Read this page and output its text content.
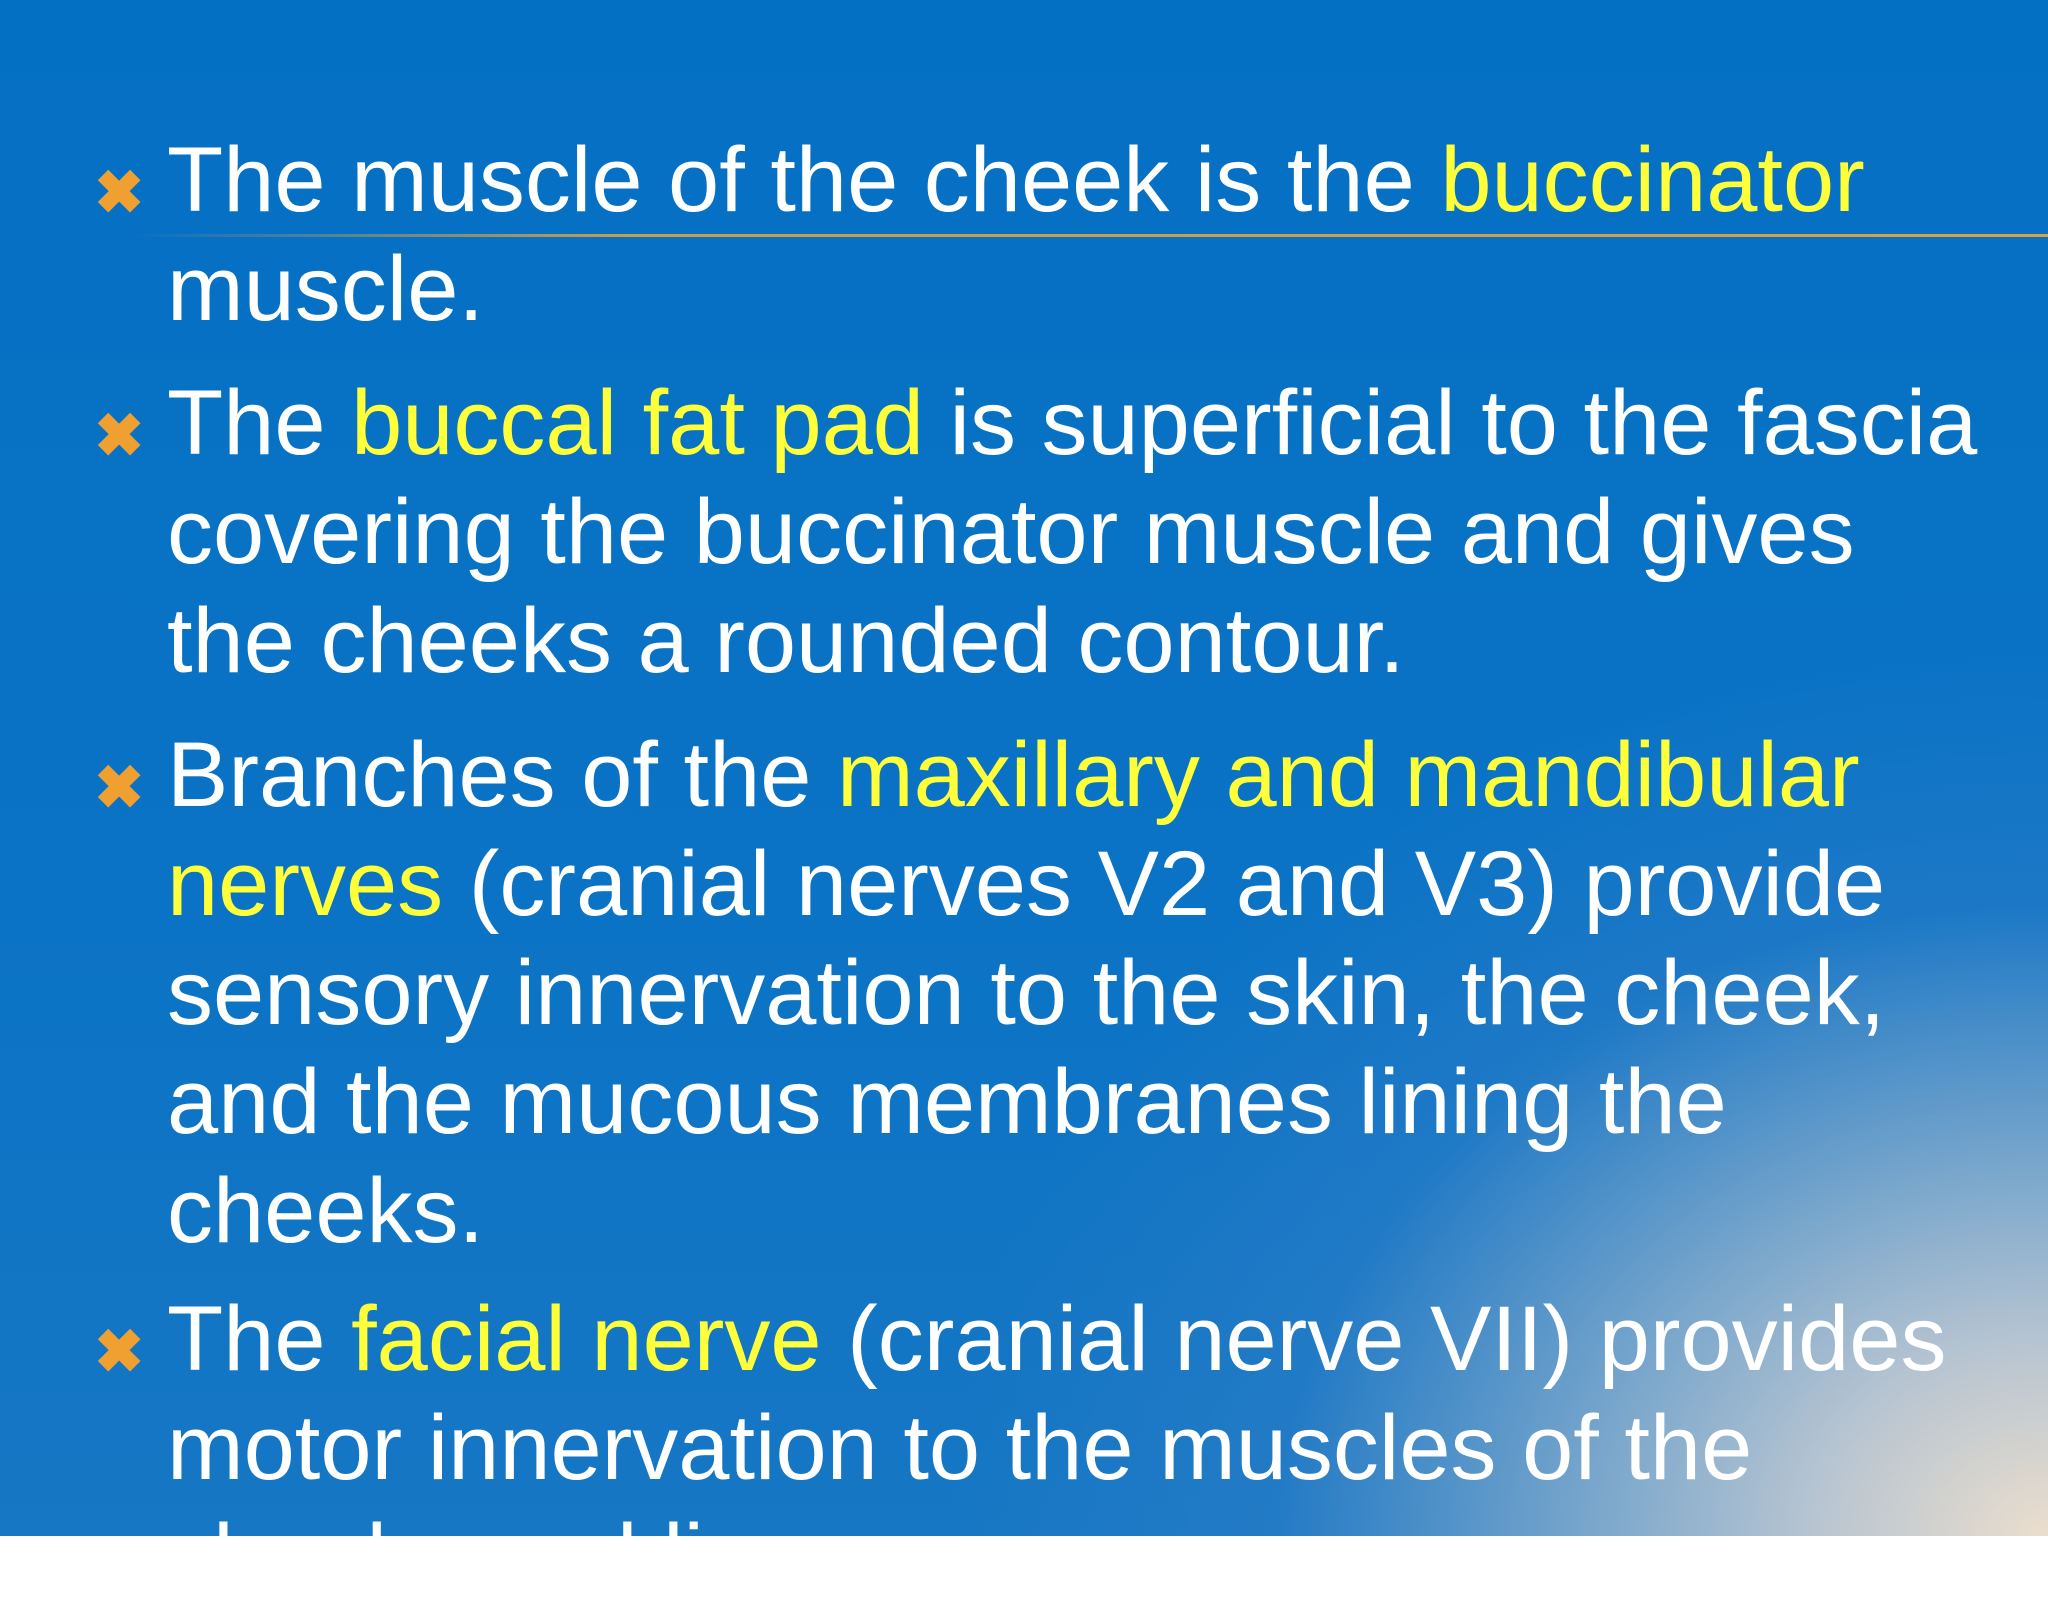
✖ The muscle of the cheek is the buccinator muscle.

✖ The buccal fat pad is superficial to the fascia covering the buccinator muscle and gives the cheeks a rounded contour.

✖ Branches of the maxillary and mandibular nerves (cranial nerves V2 and V3) provide sensory innervation to the skin, the cheek, and the mucous membranes lining the cheeks.

✖ The facial nerve (cranial nerve VII) provides motor innervation to the muscles of the cheeks and lips.
